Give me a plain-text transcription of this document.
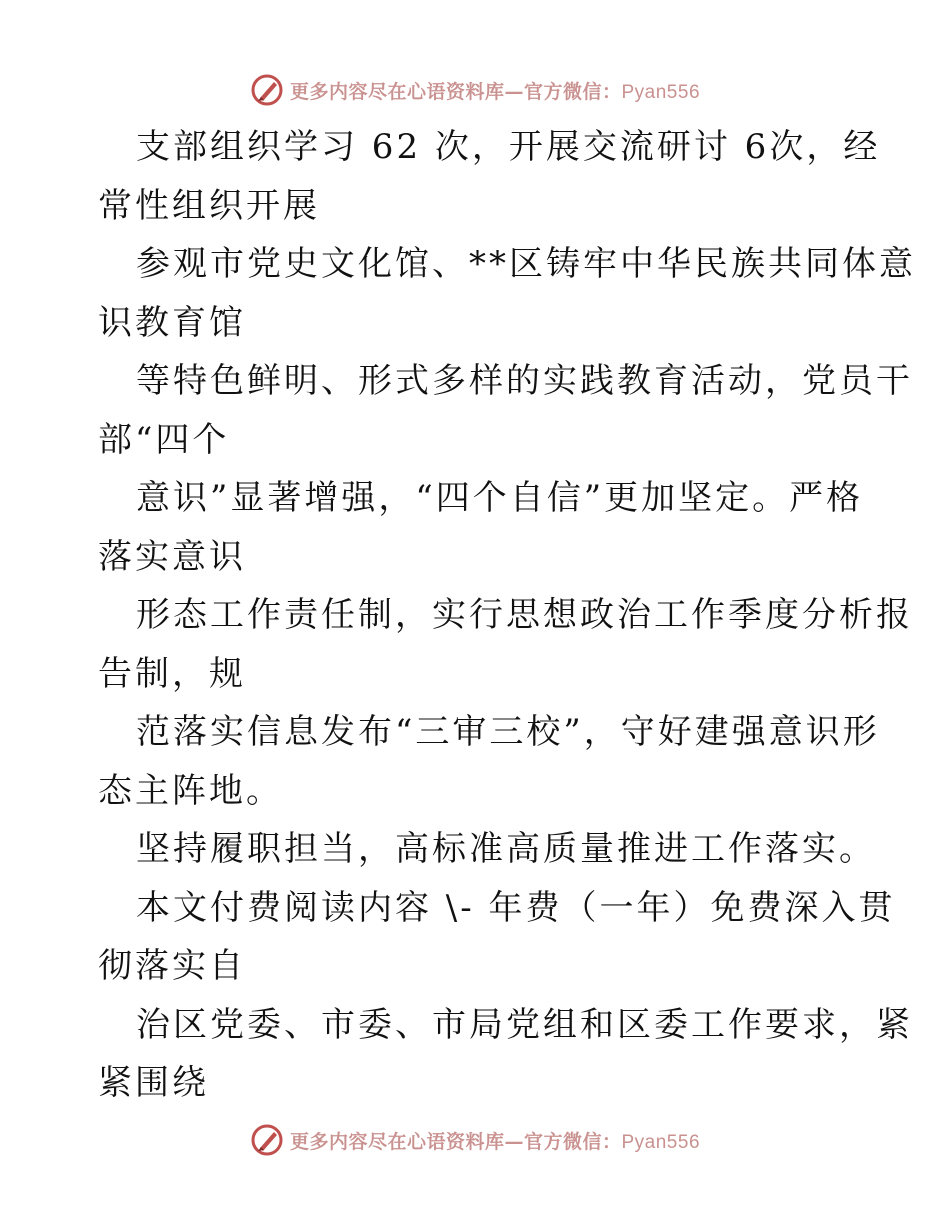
更多内容尽在心语资料库—官方微信：Pyan556

支部组织学习 62 次，开展交流研讨 6次，经
常性组织开展

参观市党史文化馆、**区铸牢中华民族共同体意
识教育馆

等特色鲜明、形式多样的实践教育活动，党员干
部“四个

意识”显著增强，“四个自信”更加坚定。严格
落实意识

形态工作责任制，实行思想政治工作季度分析报
告制，规

范落实信息发布“三审三校”，守好建强意识形
态主阵地。

坚持履职担当，高标准高质量推进工作落实。

本文付费阅读内容 \- 年费（一年）免费深入贯
彻落实自

治区党委、市委、市局党组和区委工作要求，紧
紧围绕

更多内容尽在心语资料库—官方微信：Pyan556
